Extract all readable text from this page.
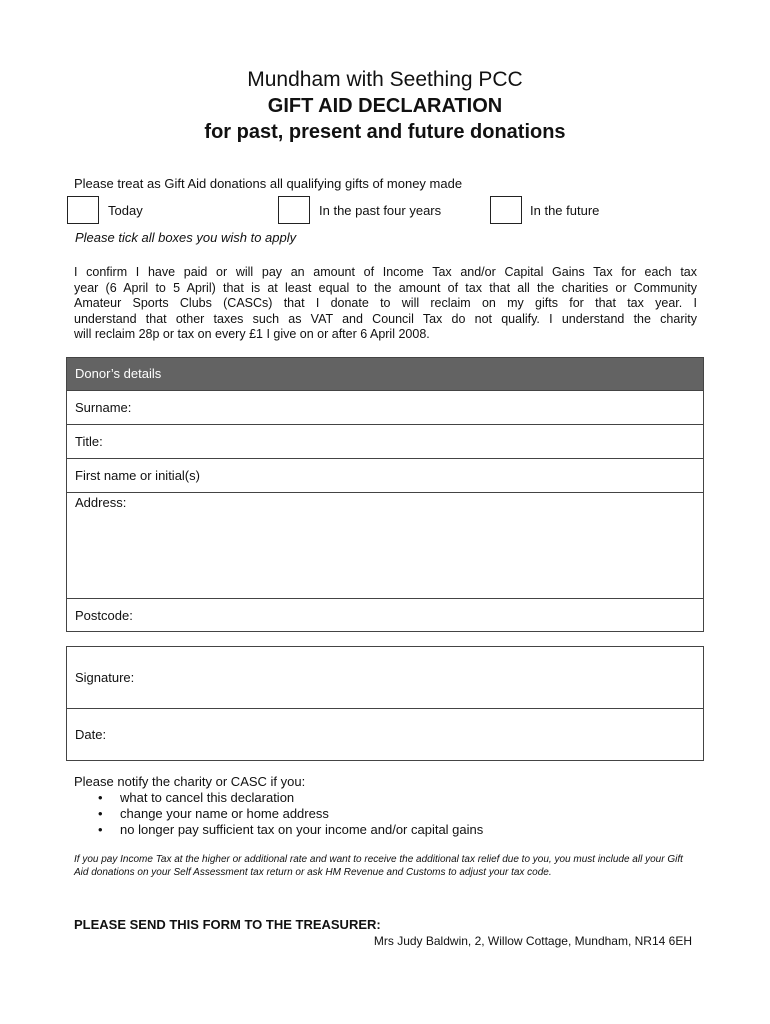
Mundham with Seething PCC
GIFT AID DECLARATION
for past, present and future donations
Please treat as Gift Aid donations all qualifying gifts of money made
Today	In the past four years	In the future
Please tick all boxes you wish to apply
I confirm I have paid or will pay an amount of Income Tax and/or Capital Gains Tax for each tax
year (6 April to 5 April) that is at least equal to the amount of tax that all the charities or Community
Amateur Sports Clubs (CASCs) that I donate to will reclaim on my gifts for that tax year. I
understand that other taxes such as VAT and Council Tax do not qualify. I understand the charity
will reclaim 28p or tax on every £1 I give on or after 6 April 2008.
Donor’s details
Surname:
Title:
First name or initial(s)
Address:
Postcode:
Signature:
Date:
Please notify the charity or CASC if you:
• what to cancel this declaration
• change your name or home address
• no longer pay sufficient tax on your income and/or capital gains
If you pay Income Tax at the higher or additional rate and want to receive the additional tax relief due to you, you must include all your Gift Aid donations on your Self Assessment tax return or ask HM Revenue and Customs to adjust your tax code.
PLEASE SEND THIS FORM TO THE TREASURER:
Mrs Judy Baldwin, 2, Willow Cottage, Mundham, NR14 6EH
